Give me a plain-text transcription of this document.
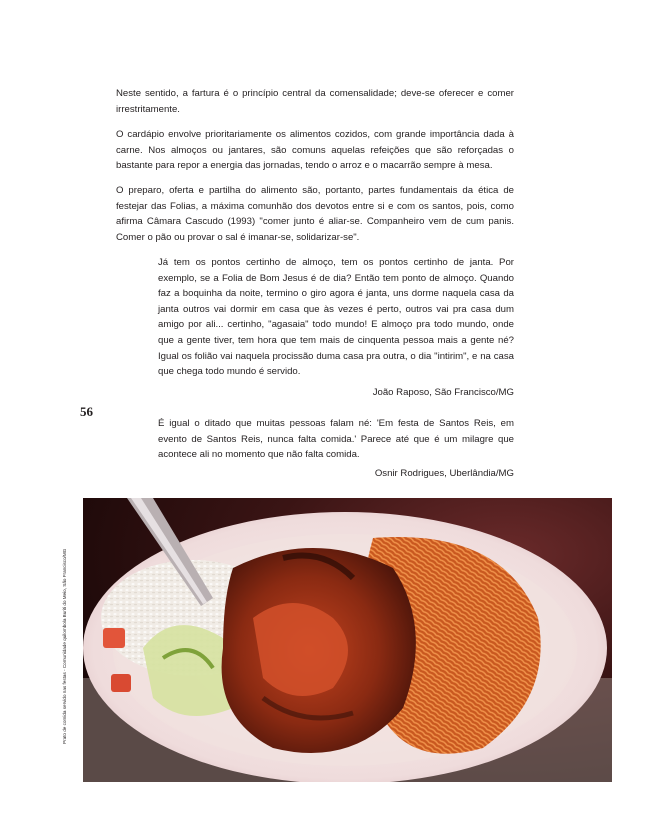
Neste sentido, a fartura é o princípio central da comensalidade; deve-se oferecer e comer irrestritamente.

O cardápio envolve prioritariamente os alimentos cozidos, com grande importância dada à carne. Nos almoços ou jantares, são comuns aquelas refeições que são reforçadas o bastante para repor a energia das jornadas, tendo o arroz e o macarrão sempre à mesa.

O preparo, oferta e partilha do alimento são, portanto, partes fundamentais da ética de festejar das Folias, a máxima comunhão dos devotos entre si e com os santos, pois, como afirma Câmara Cascudo (1993) "comer junto é aliar-se. Companheiro vem de cum panis. Comer o pão ou provar o sal é imanar-se, solidarizar-se".

Já tem os pontos certinho de almoço, tem os pontos certinho de janta. Por exemplo, se a Folia de Bom Jesus é de dia? Então tem ponto de almoço. Quando faz a boquinha da noite, termino o giro agora é janta, uns dorme naquela casa da janta outros vai dormir em casa que às vezes é perto, outros vai pra casa dum amigo por ali... certinho, "agasaia" todo mundo! E almoço pra todo mundo, onde que a gente tiver, tem hora que tem mais de cinquenta pessoa mais a gente né? Igual os folião vai naquela procissão duma casa pra outra, o dia "intirim", e na casa que chega todo mundo é servido.

João Raposo, São Francisco/MG

56

É igual o ditado que muitas pessoas falam né: 'Em festa de Santos Reis, em evento de Santos Reis, nunca falta comida.' Parece até que é um milagre que acontece ali no momento que não falta comida.

Osnir Rodrigues, Uberlândia/MG

Prato de comida servido nas festas - Comunidade quilombola Buriti do Meio, São Francisco/MG
